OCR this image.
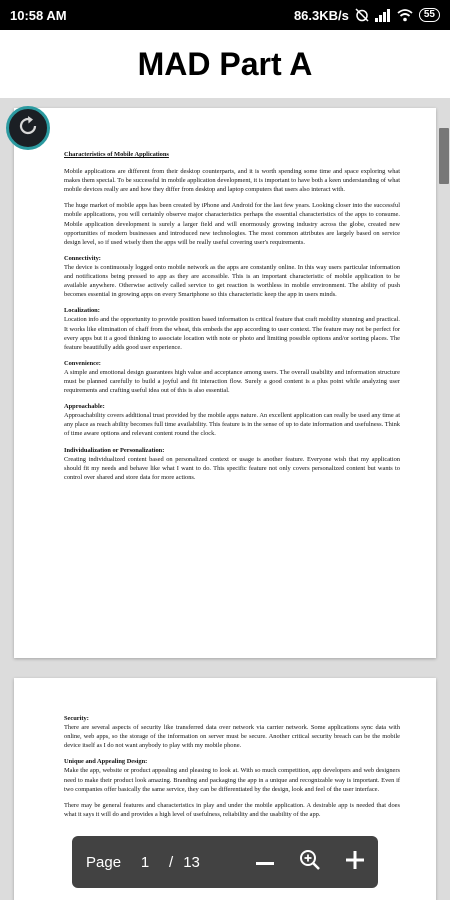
10:58 AM	86.3KB/s	55
MAD Part A
Characteristics of Mobile Applications

Mobile applications are different from their desktop counterparts, and it is worth spending some time and space exploring what makes them special. To be successful in mobile application development, it is important to have both a keen understanding of what mobile devices really are and how they differ from desktop and laptop computers that users also interact with.

The huge market of mobile apps has been created by iPhone and Android for the last few years. Looking closer into the successful mobile applications, you will certainly observe major characteristics perhaps the essential characteristics of the apps to consume. Mobile application development is surely a larger field and will enormously growing industry across the globe, created new opportunities of modern businesses and introduced new technologies. The most common attributes are largely based on service design level, so if used wisely then the apps will be really useful covering user's requirements.

Connectivity:
The device is continuously logged onto mobile network as the apps are constantly online. In this way users particular information and notifications being pressed to app as they are accessible. This is an important characteristic of mobile application to be available anywhere. Otherwise actively called service to get reaction is worthless in mobile environment. The ability of push becomes essential in growing apps on every Smartphone so this characteristic keep the app in users minds.
Localization:
Location info and the opportunity to provide position based information is critical feature that craft mobility stunning and practical. It works like elimination of chaff from the wheat, this embeds the app according to user context. The feature may not be perfect for every apps but it a good thinking to associate location with note or photo and limiting possible options and/or sorting places. The feature beautifully adds good user experience.
Convenience:
A simple and emotional design guarantees high value and acceptance among users. The overall usability and information structure must be planned carefully to build a joyful and fit interaction flow. Surely a good content is a plus point while analyzing user requirements and crafting useful idea out of this is also essential.
Approachable:
Approachability covers additional trust provided by the mobile apps nature. An excellent application can really be used any time at any place as reach ability becomes full time availability. This feature is in the sense of up to date information and usefulness. Think of time aware options and relevant content round the clock.
Individualization or Personalization:
Creating individualized content based on personalized context or usage is another feature. Everyone wish that my application should fit my needs and behave like what I want to do. This specific feature not only covers personalized content but wants to control over shared and store data for more actions.
Security:
There are several aspects of security like transferred data over network via carrier network. Some applications sync data with online, web apps, so the storage of the information on server must be secure. Another critical security breach can be the mobile device itself as I do not want anybody to play with my mobile phone.
Unique and Appealing Design:
Make the app, website or product appealing and pleasing to look at. With so much competition, app developers and web designers need to make their product look amazing. Branding and packaging the app in a unique and recognizable way is important. Even if two companies offer basically the same service, they can be differentiated by the design, look and feel of the user interface.

There may be general features and characteristics in play and under the mobile application. A desirable app is needed that does what it says it will do and provides a high level of usefulness, reliability and the usability of the app.

Page	1	/ 13
